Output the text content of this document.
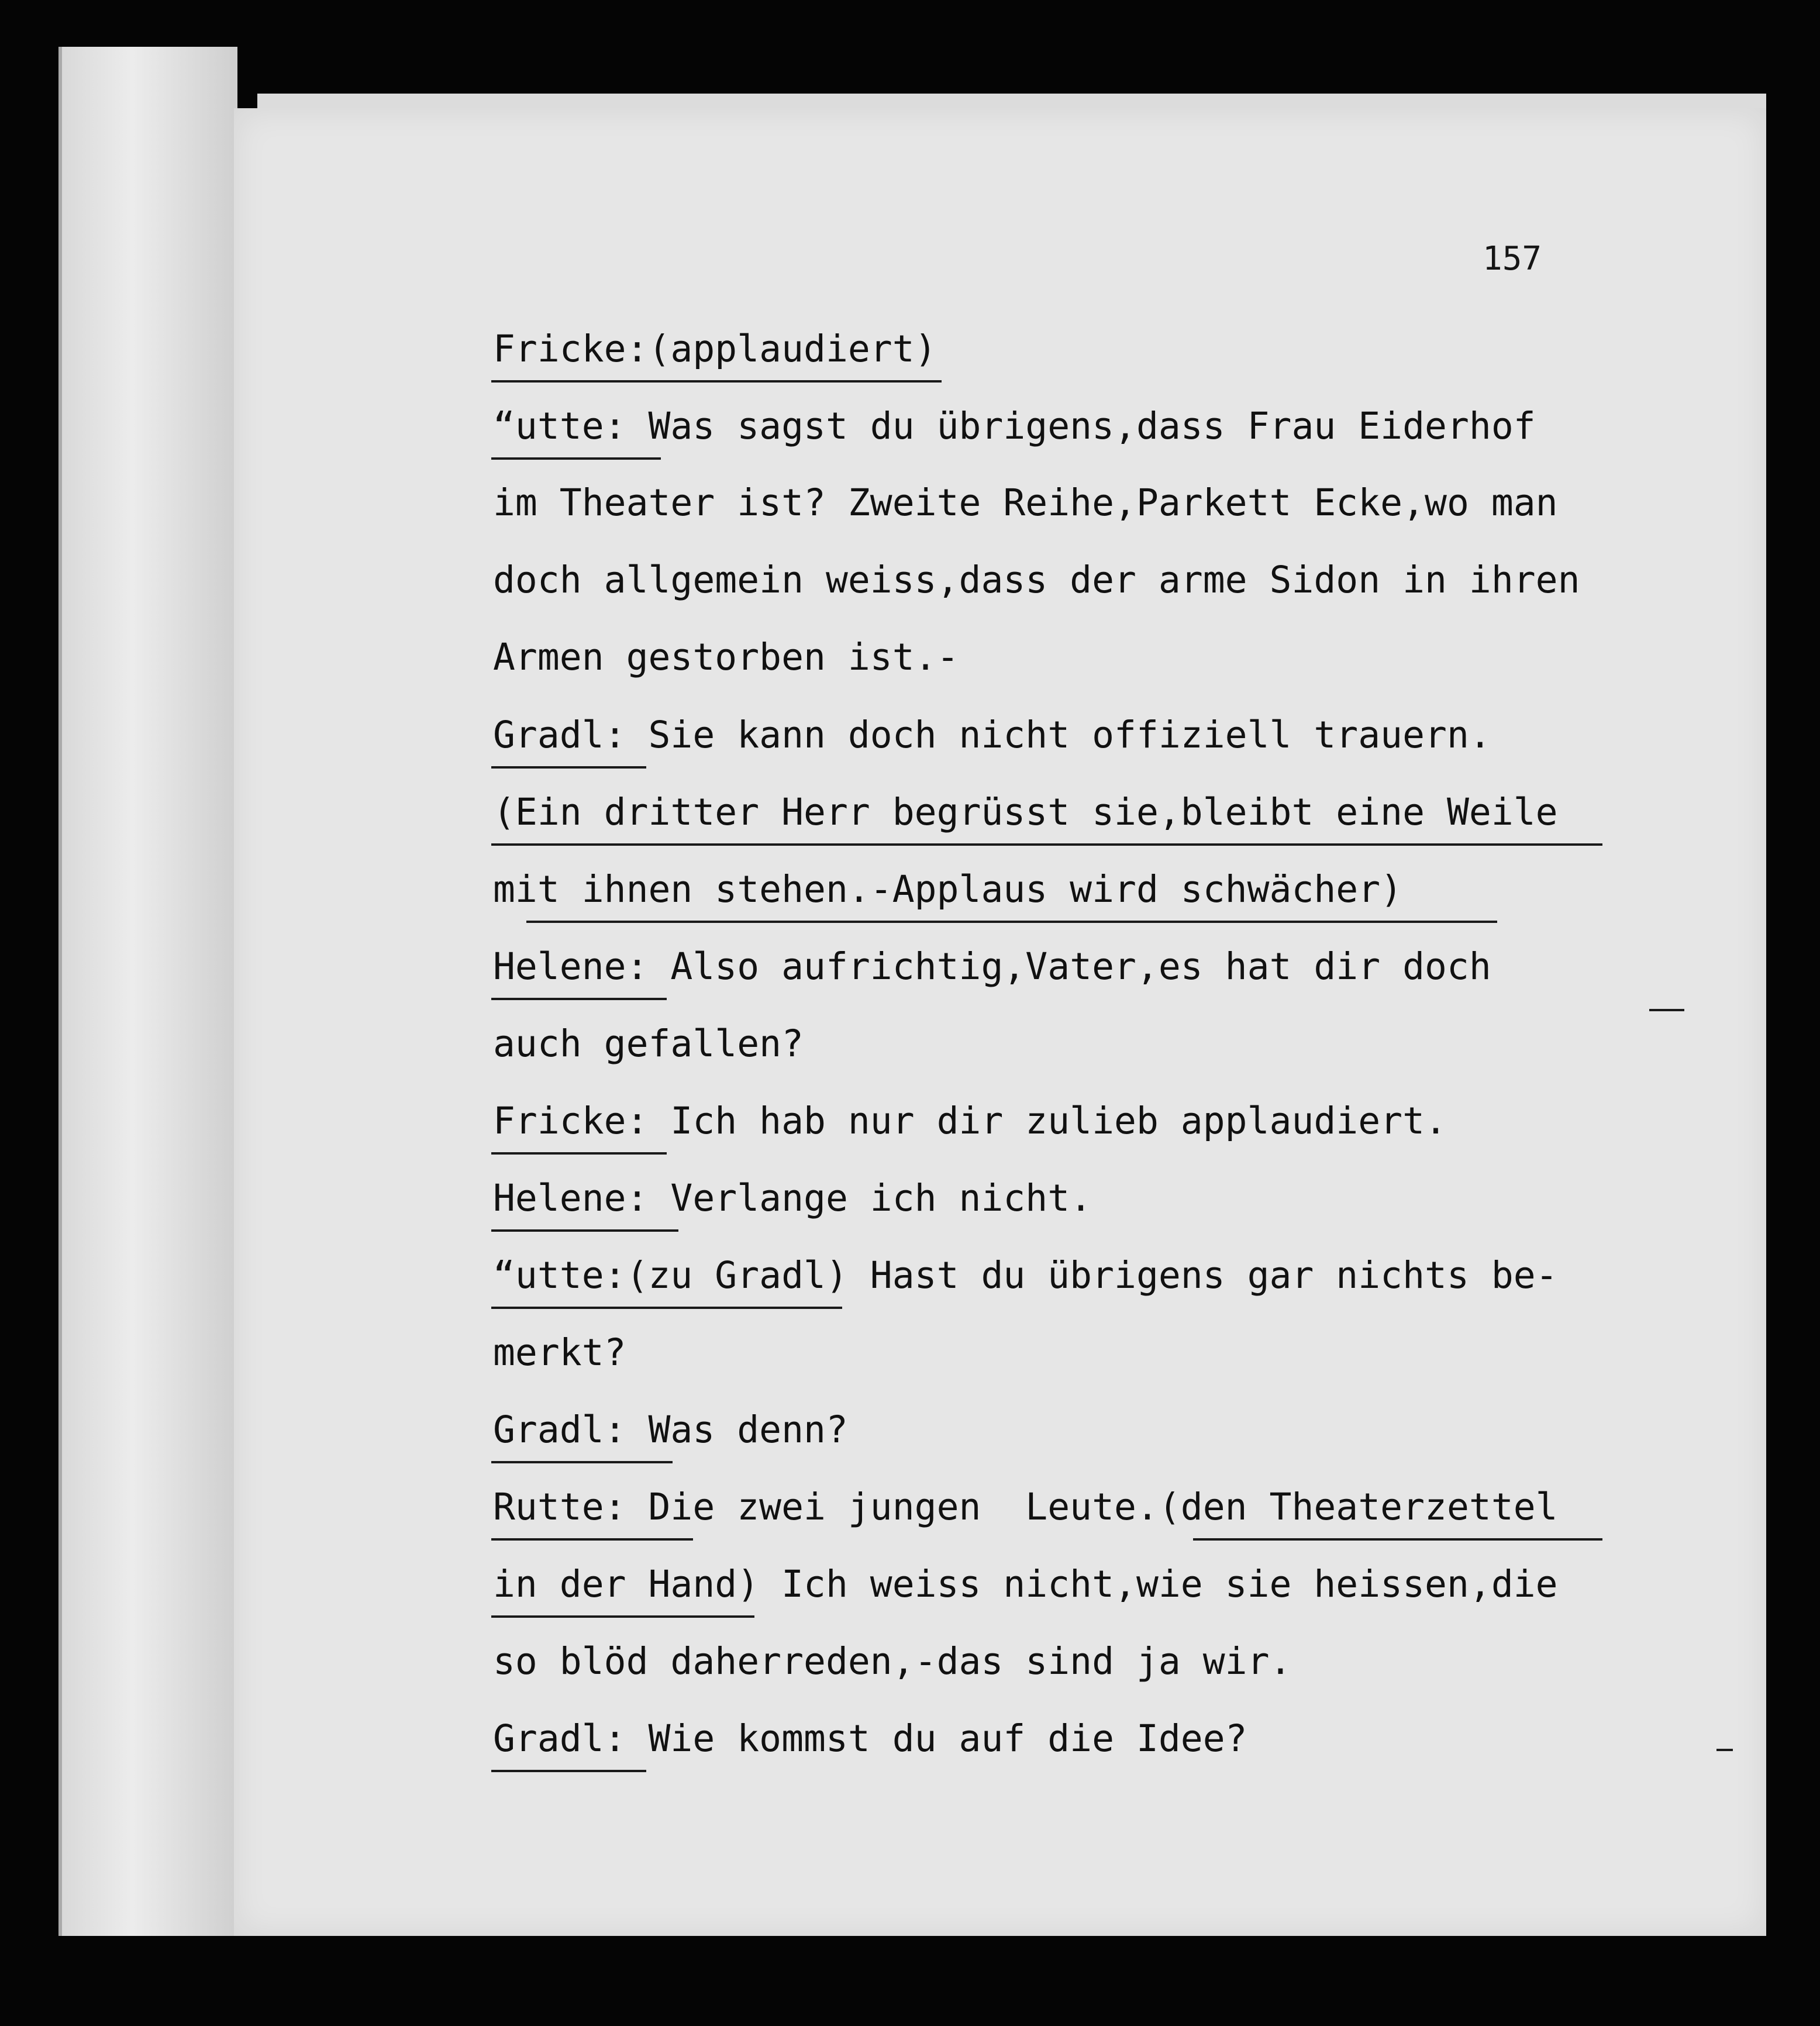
157
Fricke:(applaudiert)
“utte: Was sagst du übrigens,dass Frau Eiderhof
im Theater ist? Zweite Reihe,Parkett Ecke,wo man
doch allgemein weiss,dass der arme Sidon in ihren
Armen gestorben ist.-
Gradl: Sie kann doch nicht offiziell trauern.
(Ein dritter Herr begrüsst sie,bleibt eine Weile
mit ihnen stehen.-Applaus wird schwächer)
Helene: Also aufrichtig,Vater,es hat dir doch
auch gefallen?
Fricke: Ich hab nur dir zulieb applaudiert.
Helene: Verlange ich nicht.
“utte:(zu Gradl) Hast du übrigens gar nichts be-
merkt?
Gradl: Was denn?
Rutte: Die zwei jungen  Leute.(den Theaterzettel
in der Hand) Ich weiss nicht,wie sie heissen,die
so blöd daherreden,-das sind ja wir.
Gradl: Wie kommst du auf die Idee?
